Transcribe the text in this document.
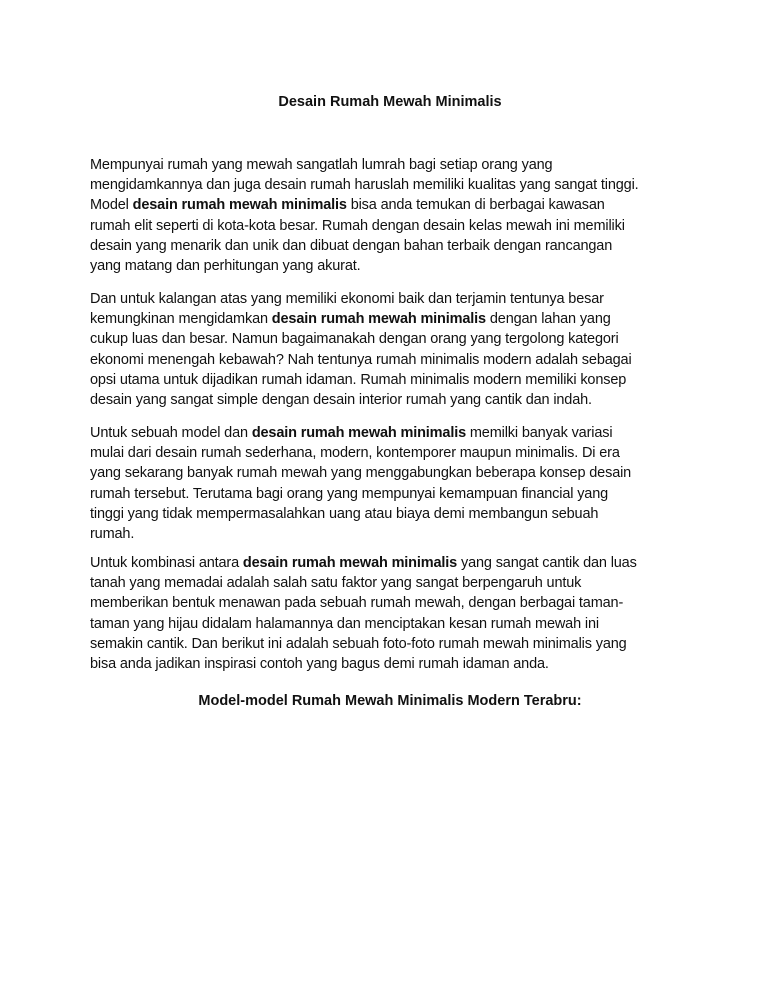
Desain Rumah Mewah Minimalis
Mempunyai rumah yang mewah sangatlah lumrah bagi setiap orang yang
mengidamkannya dan juga desain rumah haruslah memiliki kualitas yang sangat tinggi.
Model desain rumah mewah minimalis bisa anda temukan di berbagai kawasan
rumah elit seperti di kota-kota besar. Rumah dengan desain kelas mewah ini memiliki
desain yang menarik dan unik dan dibuat dengan bahan terbaik dengan rancangan
yang matang dan perhitungan yang akurat.
Dan untuk kalangan atas yang memiliki ekonomi baik dan terjamin tentunya besar
kemungkinan mengidamkan desain rumah mewah minimalis dengan lahan yang
cukup luas dan besar. Namun bagaimanakah dengan orang yang tergolong kategori
ekonomi menengah kebawah? Nah tentunya rumah minimalis modern adalah sebagai
opsi utama untuk dijadikan rumah idaman. Rumah minimalis modern memiliki konsep
desain yang sangat simple dengan desain interior rumah yang cantik dan indah.
Untuk sebuah model dan desain rumah mewah minimalis memilki banyak variasi
mulai dari desain rumah sederhana, modern, kontemporer maupun minimalis. Di era
yang sekarang banyak rumah mewah yang menggabungkan beberapa konsep desain
rumah tersebut. Terutama bagi orang yang mempunyai kemampuan financial yang
tinggi yang tidak mempermasalahkan uang atau biaya demi membangun sebuah
rumah.
Untuk kombinasi antara desain rumah mewah minimalis yang sangat cantik dan luas
tanah yang memadai adalah salah satu faktor yang sangat berpengaruh untuk
memberikan bentuk menawan pada sebuah rumah mewah, dengan berbagai taman-
taman yang hijau didalam halamannya dan menciptakan kesan rumah mewah ini
semakin cantik. Dan berikut ini adalah sebuah foto-foto rumah mewah minimalis yang
bisa anda jadikan inspirasi contoh yang bagus demi rumah idaman anda.
Model-model Rumah Mewah Minimalis Modern Terabru:
